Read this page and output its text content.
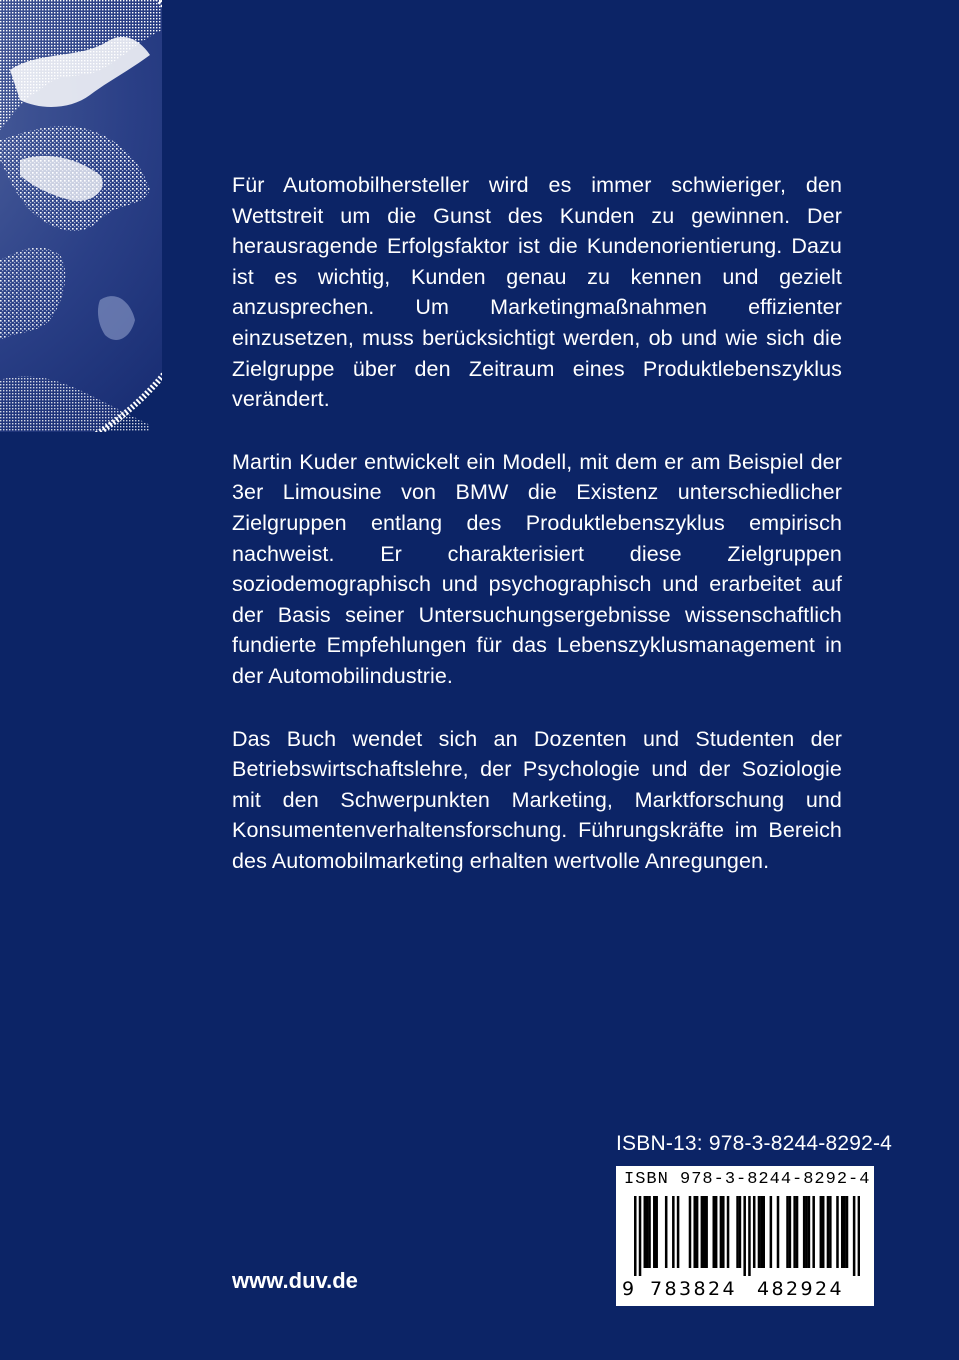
Für Automobilhersteller wird es immer schwieriger, den Wettstreit um die Gunst des Kunden zu gewinnen. Der herausragende Erfolgsfaktor ist die Kundenorientierung. Dazu ist es wichtig, Kunden genau zu kennen und gezielt anzusprechen. Um Marketingmaßnahmen effizienter einzusetzen, muss berücksichtigt werden, ob und wie sich die Zielgruppe über den Zeitraum eines Produktlebenszyklus verändert.

Martin Kuder entwickelt ein Modell, mit dem er am Beispiel der 3er Limousine von BMW die Existenz unterschiedlicher Zielgruppen entlang des Produktlebenszyklus empirisch nachweist. Er charakterisiert diese Zielgruppen soziodemographisch und psychographisch und erarbeitet auf der Basis seiner Untersuchungsergebnisse wissenschaftlich fundierte Empfehlungen für das Lebenszyklusmanagement in der Automobilindustrie.

Das Buch wendet sich an Dozenten und Studenten der Betriebswirtschaftslehre, der Psychologie und der Soziologie mit den Schwerpunkten Marketing, Marktforschung und Konsumentenverhaltensforschung. Führungskräfte im Bereich des Automobilmarketing erhalten wertvolle Anregungen.

www.duv.de
ISBN-13: 978-3-8244-8292-4
ISBN 978-3-8244-8292-4
9 783824 482924
